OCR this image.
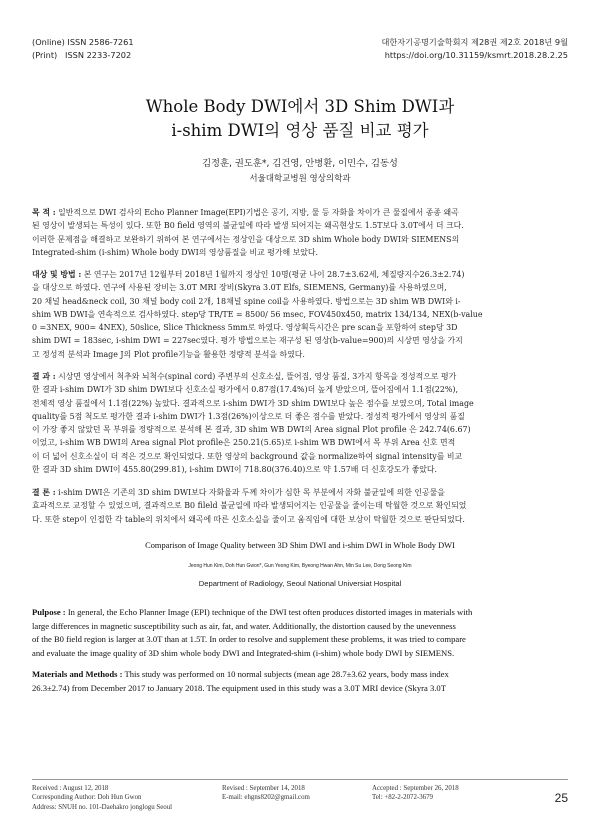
(Online) ISSN 2586-7261
(Print)   ISSN 2233-7202
대한자기공명기술학회지 제28권 제2호 2018년 9월
https://doi.org/10.31159/ksmrt.2018.28.2.25
Whole Body DWI에서 3D Shim DWI과
i-shim DWI의 영상 품질 비교 평가
김정훈, 권도훈*, 김건영, 안병환, 이민수, 김동성
서울대학교병원 영상의학과
목 적 : 일반적으로 DWI 검사의 Echo Planner Image(EPI)기법은 공기, 지방, 물 등 자화율 차이가 큰 물질에서 종종 왜곡
된 영상이 발생되는 특성이 있다. 또한 B0 field 영역의 불균일에 따라 발생 되어지는 왜곡현상도 1.5T보다 3.0T에서 더 크다.
이러한 문제점을 해결하고 보완하기 위하여 본 연구에서는 정상인을 대상으로 3D shim Whole body DWI와 SIEMENS의
Integrated-shim (i-shim) Whole body DWI의 영상품질을 비교 평가해 보았다.
대상 및 방법 : 본 연구는 2017년 12월부터 2018년 1월까지 정상인 10명(평균 나이 28.7±3.62세, 체질량지수26.3±2.74)
을 대상으로 하였다. 연구에 사용된 장비는 3.0T MRI 장비(Skyra 3.0T Elfs, SIEMENS, Germany)를 사용하였으며,
20 채널 head&neck coil, 30 채널 body coil 2개, 18채널 spine coil을 사용하였다. 방법으로는 3D shim WB DWI와 i-
shim WB DWI을 연속적으로 검사하였다. step당 TR/TE = 8500/ 56 msec, FOV450x450, matrix 134/134, NEX(b-value
0 =3NEX, 900= 4NEX), 50slice, Slice Thickness 5mm로 하였다. 영상획득시간은 pre scan을 포함하여 step당 3D
shim DWI = 183sec, i-shim DWI = 227sec였다. 평가 방법으로는 재구성 된 영상(b-value=900)의 시상면 영상을 가지
고 정성적 분석과 Image J의 Plot profile기능을 활용한 정량적 분석을 하였다.
결 과 : 시상면 영상에서 척추와 뇌척수(spinal cord) 주변부의 신호소실, 뜰어짐, 영상 품질, 3가지 항목을 정성적으로 평가
한 결과 i-shim DWI가 3D shim DWI보다 신호소실 평가에서 0.87점(17.4%)더 높게 받았으며, 뜰어짐에서 1.1점(22%),
전체적 영상 품질에서 1.1점(22%) 높았다. 결과적으로 i-shim DWI가 3D shim DWI보다 높은 점수를 보였으며, Total image
quality를 5점 척도로 평가한 결과 i-shim DWI가 1.3점(26%)이상으로 더 좋은 점수를 받았다. 정성적 평가에서 영상의 품질
이 가장 좋지 않았던 목 부위를 정량적으로 분석해 본 결과, 3D shim WB DWI의 Area signal Plot profile 은 242.74(6.67)
이었고, i-shim WB DWI의 Area signal Plot profile은 250.21(5.65)로 i-shim WB DWI에서 목 부위 Area 신호 면적
이 더 넓어 신호소실이 더 적은 것으로 확인되었다. 또한 영상의 background 값을 normalize하여 signal intensity를 비교
한 결과 3D shim DWI이 455.80(299.81), i-shim DWI이 718.80(376.40)으로 약 1.57배 더 신호강도가 좋았다.
결 론 : i-shim DWI은 기존의 3D shim DWI보다 자화율과 두께 차이가 심한 목 부분에서 자화 불균일에 의한 인공물을
효과적으로 교정할 수 있었으며, 결과적으로 B0 fileld 불균일에 따라 발생되어지는 인공물을 줄이는데 탁월한 것으로 확인되었
다. 또한 step이 인접한 각 table의 위치에서 왜곡에 따른 신호소실을 줄이고 움직임에 대한 보상이 탁월한 것으로 판단되었다.
Comparison of Image Quality between 3D Shim DWI and i-shim DWI in Whole Body DWI
Jeong Hun Kim, Doh Hun Gwon*, Gun Yeong Kim, Byeong Hwan Ahn, Min Su Lee, Dong Seong Kim
Department of Radiology, Seoul National Universiat Hospital
Pulpose : In general, the Echo Planner Image (EPI) technique of the DWI test often produces distorted images in materials with
large differences in magnetic susceptibility such as air, fat, and water. Additionally, the distortion caused by the unevenness
of the B0 field region is larger at 3.0T than at 1.5T. In order to resolve and supplement these problems, it was tried to compare
and evaluate the image quality of 3D shim whole body DWI and Integrated-shim (i-shim) whole body DWI by SIEMENS.
Materials and Methods : This study was performed on 10 normal subjects (mean age 28.7±3.62 years, body mass index
26.3±2.74) from December 2017 to January 2018. The equipment used in this study was a 3.0T MRI device (Skyra 3.0T
Received : August 12, 2018
Corresponding Author: Doh Hun Gwon
Address: SNUH no. 101-Daehakro jonglogu Seoul
Revised : September 14, 2018
E-mail: ehgns8202@gmail.com
Accepted : September 26, 2018
Tel: +82-2-2072-3679	25
